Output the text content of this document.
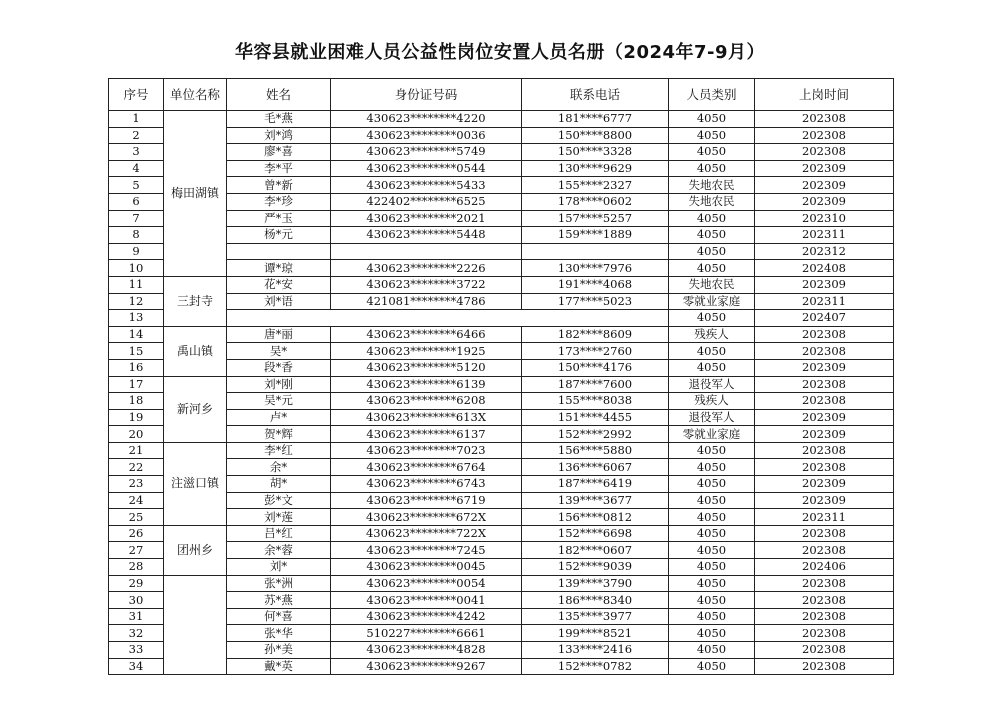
华容县就业困难人员公益性岗位安置人员名册（2024年7-9月）
序号	单位名称	姓名	身份证号码	联系电话	人员类别	上岗时间
1	梅田湖镇	毛*燕	430623********4220	181****6777	4050	202308
2		刘*鸿	430623********0036	150****8800	4050	202308
3		廖*喜	430623********5749	150****3328	4050	202308
4		李*平	430623********0544	130****9629	4050	202309
5		曾*新	430623********5433	155****2327	失地农民	202309
6		李*珍	422402********6525	178****0602	失地农民	202309
7		严*玉	430623********2021	157****5257	4050	202310
8		杨*元	430623********5448	159****1889	4050	202311
9					4050	202312
10		谭*琼	430623********2226	130****7976	4050	202408
11	三封寺	花*安	430623********3722	191****4068	失地农民	202309
12		刘*语	421081********4786	177****5023	零就业家庭	202311
13					4050	202407
14	禹山镇	唐*丽	430623********6466	182****8609	残疾人	202308
15		吴*	430623********1925	173****2760	4050	202308
16		段*香	430623********5120	150****4176	4050	202309
17	新河乡	刘*刚	430623********6139	187****7600	退役军人	202308
18		吴*元	430623********6208	155****8038	残疾人	202308
19		卢*	430623********613X	151****4455	退役军人	202309
20		贺*辉	430623********6137	152****2992	零就业家庭	202309
21	注滋口镇	李*红	430623********7023	156****5880	4050	202308
22		余*	430623********6764	136****6067	4050	202308
23		胡*	430623********6743	187****6419	4050	202309
24		彭*文	430623********6719	139****3677	4050	202309
25		刘*莲	430623********672X	156****0812	4050	202311
26	团州乡	吕*红	430623********722X	152****6698	4050	202308
27		余*蓉	430623********7245	182****0607	4050	202308
28		刘*	430623********0045	152****9039	4050	202406
29		张*洲	430623********0054	139****3790	4050	202308
30		苏*燕	430623********0041	186****8340	4050	202308
31		何*喜	430623********4242	135****3977	4050	202308
32		张*华	510227********6661	199****8521	4050	202308
33		孙*美	430623********4828	133****2416	4050	202308
34		戴*英	430623********9267	152****0782	4050	202308
